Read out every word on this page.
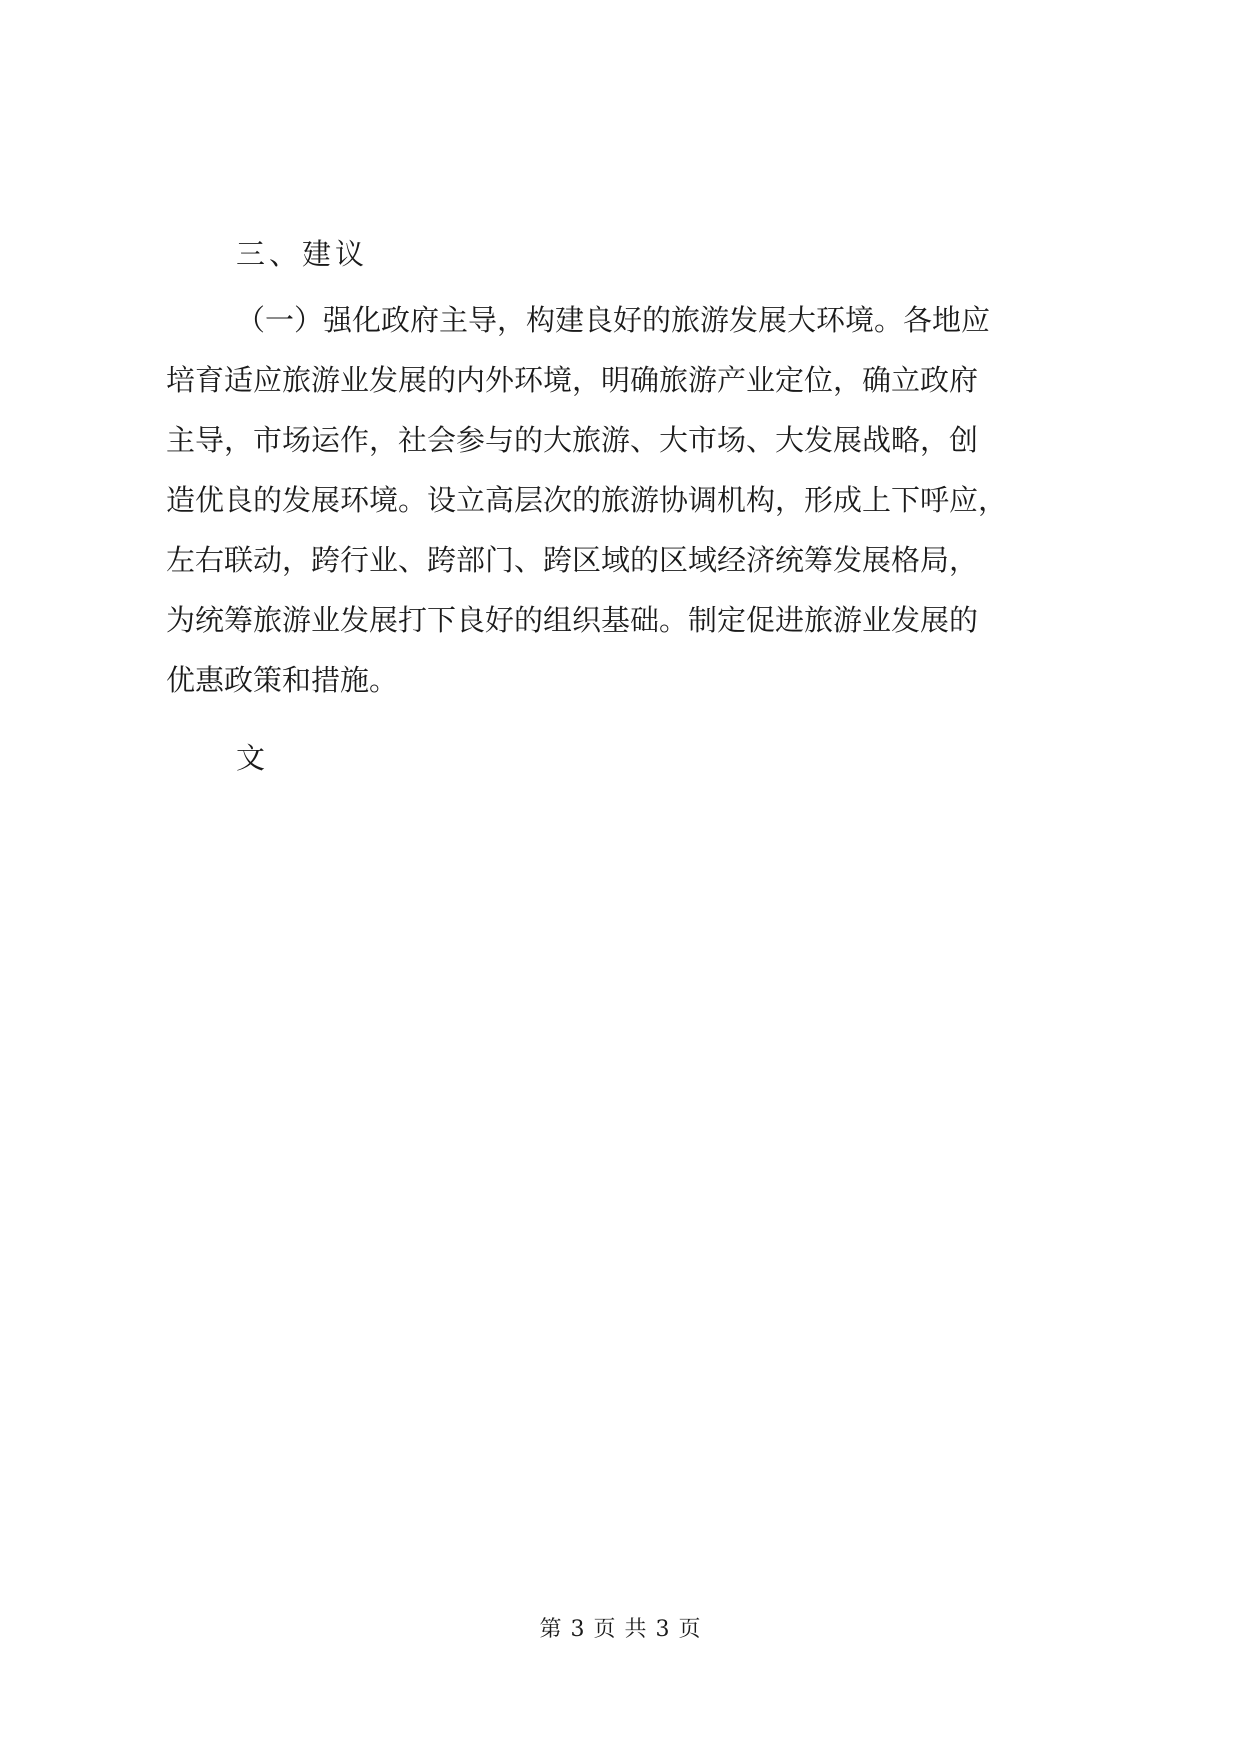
三、建议
（一）强化政府主导，构建良好的旅游发展大环境。各地应
培育适应旅游业发展的内外环境，明确旅游产业定位，确立政府
主导，市场运作，社会参与的大旅游、大市场、大发展战略，创
造优良的发展环境。设立高层次的旅游协调机构，形成上下呼应，
左右联动，跨行业、跨部门、跨区域的区域经济统筹发展格局，
为统筹旅游业发展打下良好的组织基础。制定促进旅游业发展的
优惠政策和措施。
文
第 3 页 共 3 页
